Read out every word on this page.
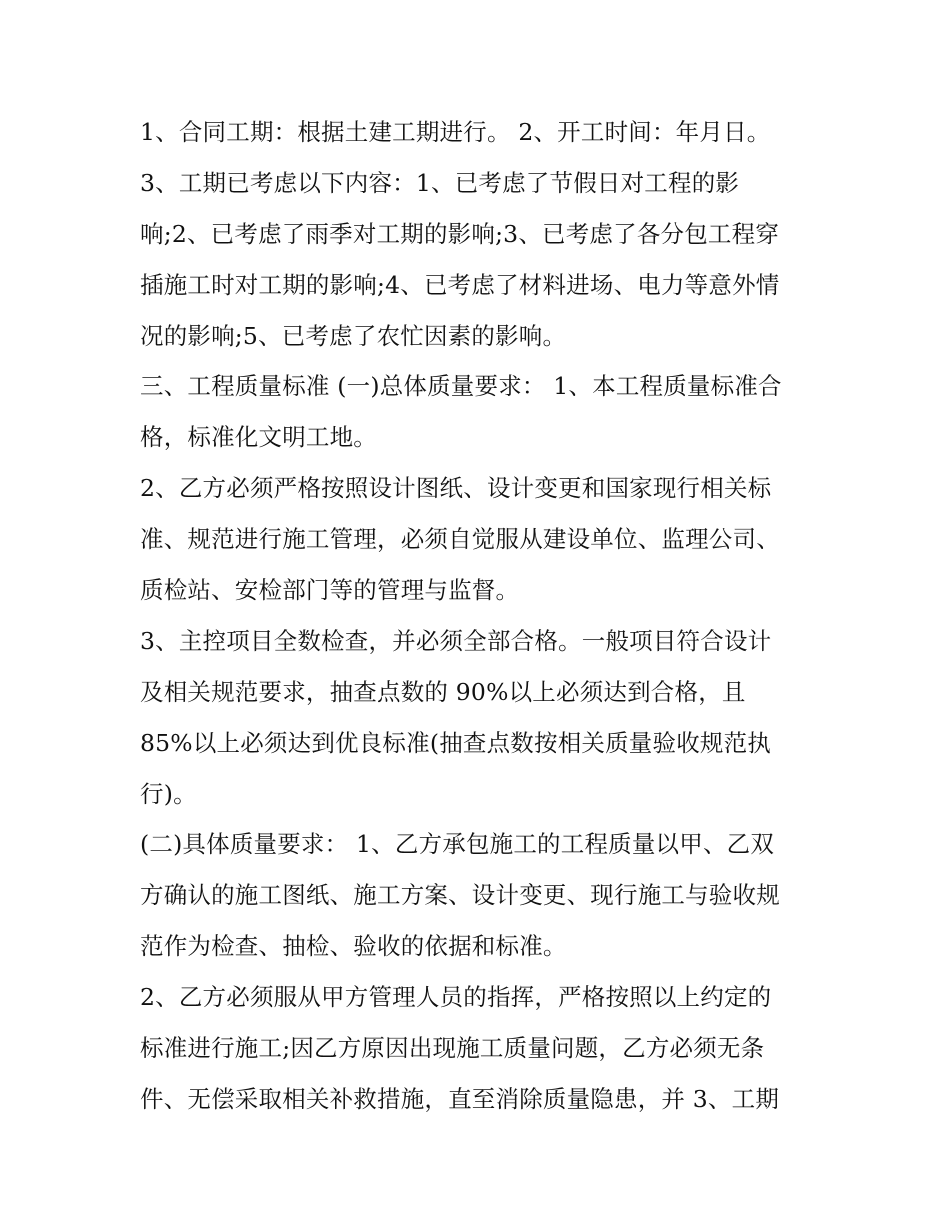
1、合同工期：根据土建工期进行。 2、开工时间：年月日。
3、工期已考虑以下内容：1、已考虑了节假日对工程的影
响;2、已考虑了雨季对工期的影响;3、已考虑了各分包工程穿
插施工时对工期的影响;4、已考虑了材料进场、电力等意外情
况的影响;5、已考虑了农忙因素的影响。
三、工程质量标准 (一)总体质量要求： 1、本工程质量标准合
格，标准化文明工地。
2、乙方必须严格按照设计图纸、设计变更和国家现行相关标
准、规范进行施工管理，必须自觉服从建设单位、监理公司、
质检站、安检部门等的管理与监督。
3、主控项目全数检查，并必须全部合格。一般项目符合设计
及相关规范要求，抽查点数的 90%以上必须达到合格，且
85%以上必须达到优良标准(抽查点数按相关质量验收规范执
行)。
(二)具体质量要求： 1、乙方承包施工的工程质量以甲、乙双
方确认的施工图纸、施工方案、设计变更、现行施工与验收规
范作为检查、抽检、验收的依据和标准。
2、乙方必须服从甲方管理人员的指挥，严格按照以上约定的
标准进行施工;因乙方原因出现施工质量问题，乙方必须无条
件、无偿采取相关补救措施，直至消除质量隐患，并 3、工期
